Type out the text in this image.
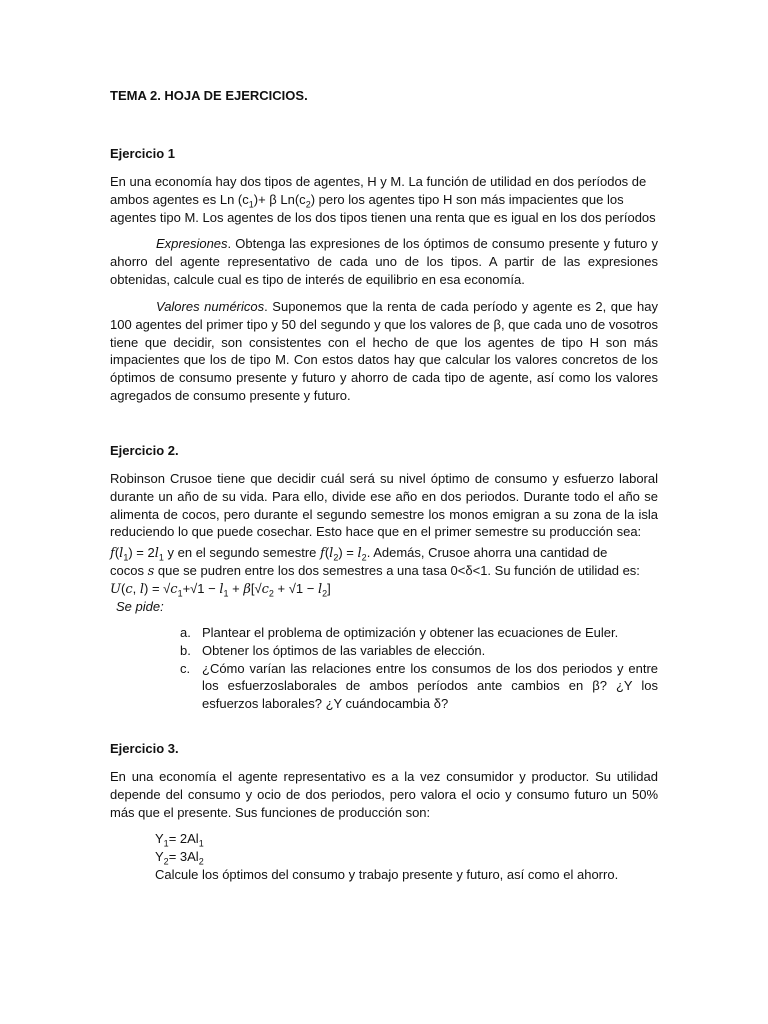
TEMA 2. HOJA DE EJERCICIOS.
Ejercicio 1
En una economía hay dos tipos de agentes, H y M. La función de utilidad en dos períodos de
ambos agentes es Ln $(c_1)+ \beta$ $Ln(c_2)$ pero los agentes tipo H son más impacientes que los
agentes tipo M. Los agentes de los dos tipos tienen una renta que es igual en los dos períodos
Expresiones. Obtenga las expresiones de los óptimos de consumo presente y futuro y ahorro del agente representativo de cada uno de los tipos. A partir de las expresiones obtenidas, calcule cual es tipo de interés de equilibrio en esa economía.
Valores numéricos. Suponemos que la renta de cada período y agente es 2, que hay 100 agentes del primer tipo y 50 del segundo y que los valores de β, que cada uno de vosotros tiene que decidir, son consistentes con el hecho de que los agentes de tipo H son más impacientes que los de tipo M. Con estos datos hay que calcular los valores concretos de los óptimos de consumo presente y futuro y ahorro de cada tipo de agente, así como los valores agregados de consumo presente y futuro.
Ejercicio 2.
Robinson Crusoe tiene que decidir cuál será su nivel óptimo de consumo y esfuerzo laboral durante un año de su vida. Para ello, divide ese año en dos periodos. Durante todo el año se alimenta de cocos, pero durante el segundo semestre los monos emigran a su zona de la isla reduciendo lo que puede cosechar. Esto hace que en el primer semestre su producción sea:
$f(l_1) = 2l_1$ y en el segundo semestre $f(l_2) = l_2$. Además, Crusoe ahorra una cantidad de
cocos s que se pudren entre los dos semestres a una tasa 0<δ<1. Su función de utilidad es:
U(c, $l) = √c_1+√1 - l_1 + \beta[√c_2 + √1 - l_2]$
Se pide:
a. Plantear el problema de optimización y obtener las ecuaciones de Euler.
b. Obtener los óptimos de las variables de elección.
c. ¿Cómo varían las relaciones entre los consumos de los dos periodos y entre los esfuerzoslaborales de ambos períodos ante cambios en β? ¿Y los esfuerzos laborales? ¿Y cuándocambia δ?
Ejercicio 3.
En una economía el agente representativo es a la vez consumidor y productor. Su utilidad depende del consumo y ocio de dos periodos, pero valora el ocio y consumo futuro un 50% más que el presente. Sus funciones de producción son:
$Y_1= 2Al_1$
$Y_2= 3Al_2$
Calcule los óptimos del consumo y trabajo presente y futuro, así como el ahorro.
